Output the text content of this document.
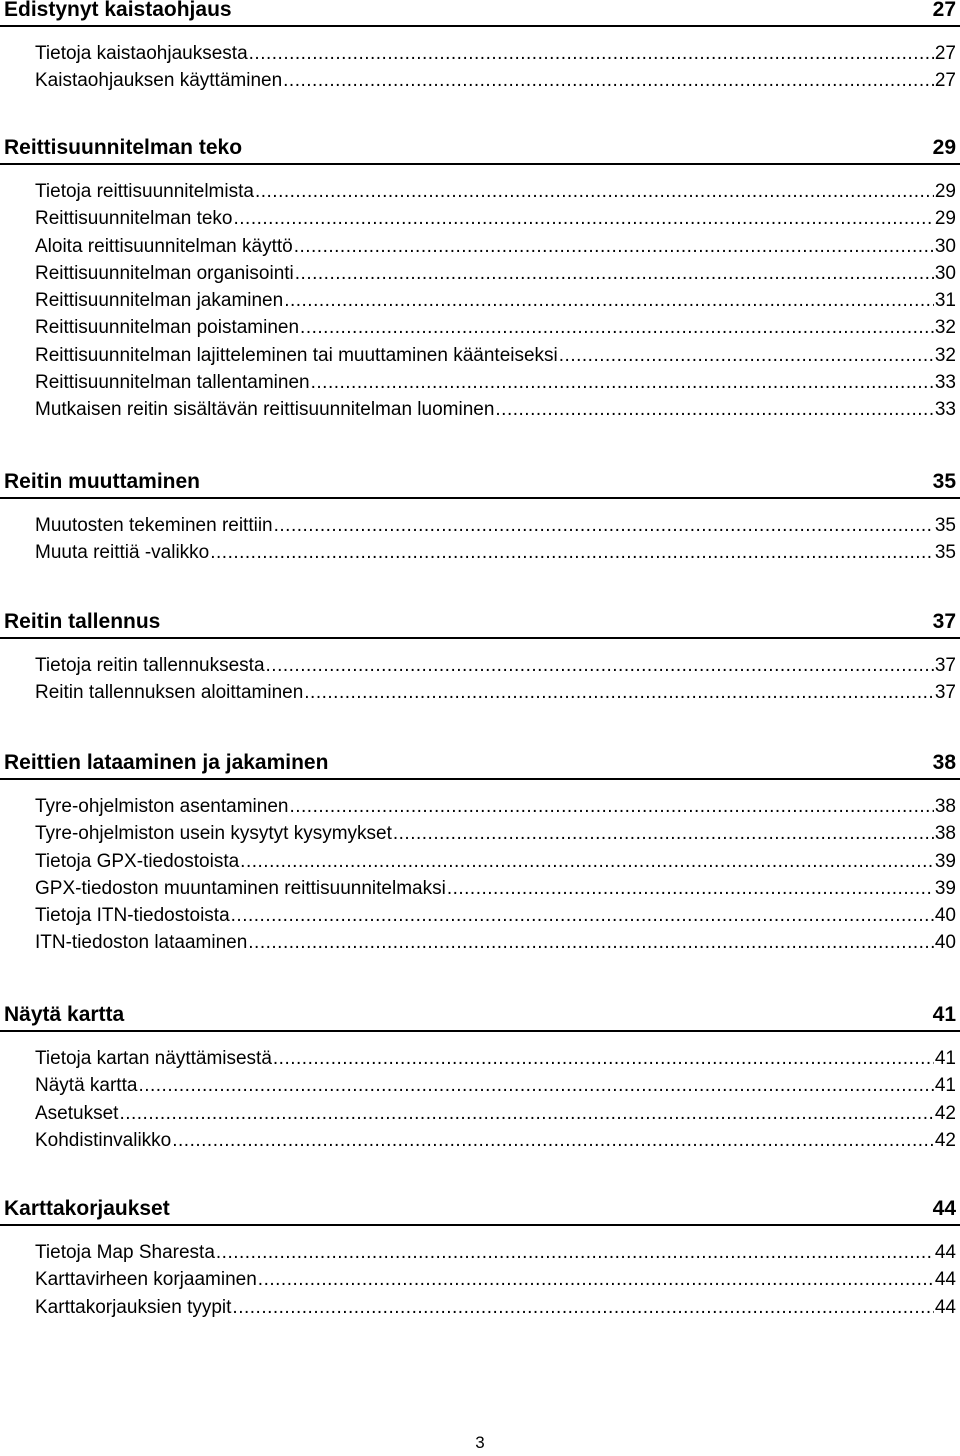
Edistynyt kaistaohjaus	27
Tietoja kaistaohjauksesta .....	27
Kaistaohjauksen käyttäminen .....	27
Reittisuunnitelman teko	29
Tietoja reittisuunnitelmista .....	29
Reittisuunnitelman teko .....	29
Aloita reittisuunnitelman käyttö .....	30
Reittisuunnitelman organisointi .....	30
Reittisuunnitelman jakaminen .....	31
Reittisuunnitelman poistaminen .....	32
Reittisuunnitelman lajitteleminen tai muuttaminen käänteiseksi .....	32
Reittisuunnitelman tallentaminen .....	33
Mutkaisen reitin sisältävän reittisuunnitelman luominen .....	33
Reitin muuttaminen	35
Muutosten tekeminen reittiin .....	35
Muuta reittiä -valikko .....	35
Reitin tallennus	37
Tietoja reitin tallennuksesta .....	37
Reitin tallennuksen aloittaminen .....	37
Reittien lataaminen ja jakaminen	38
Tyre-ohjelmiston asentaminen .....	38
Tyre-ohjelmiston usein kysytyt kysymykset .....	38
Tietoja GPX-tiedostoista .....	39
GPX-tiedoston muuntaminen reittisuunnitelmaksi .....	39
Tietoja ITN-tiedostoista .....	40
ITN-tiedoston lataaminen .....	40
Näytä kartta	41
Tietoja kartan näyttämisestä .....	41
Näytä kartta .....	41
Asetukset .....	42
Kohdistinvalikko .....	42
Karttakorjaukset	44
Tietoja Map Sharesta .....	44
Karttavirheen korjaaminen .....	44
Karttakorjauksien tyypit .....	44
3
